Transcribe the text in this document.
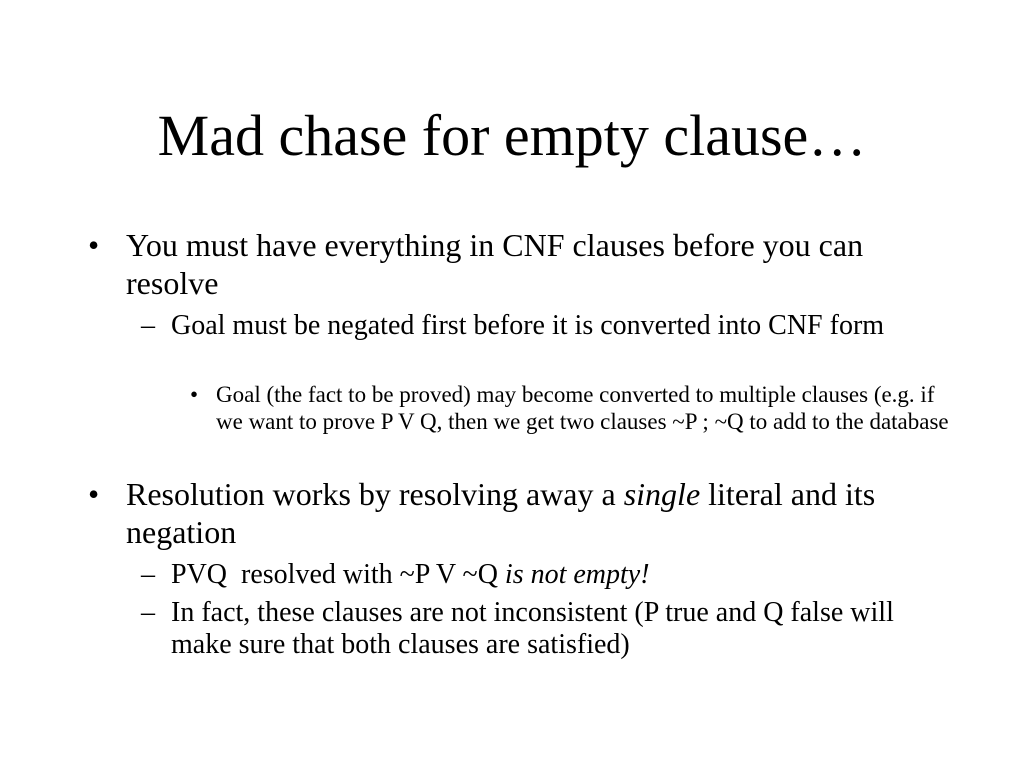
Mad chase for empty clause…
• You must have everything in CNF clauses before you can resolve
– Goal must be negated first before it is converted into CNF form
• Goal (the fact to be proved) may become converted to multiple clauses (e.g. if we want to prove P V Q, then we get two clauses ~P ; ~Q to add to the database
• Resolution works by resolving away a single literal and its negation
– PVQ  resolved with ~P V ~Q is not empty!
– In fact, these clauses are not inconsistent (P true and Q false will make sure that both clauses are satisfied)
